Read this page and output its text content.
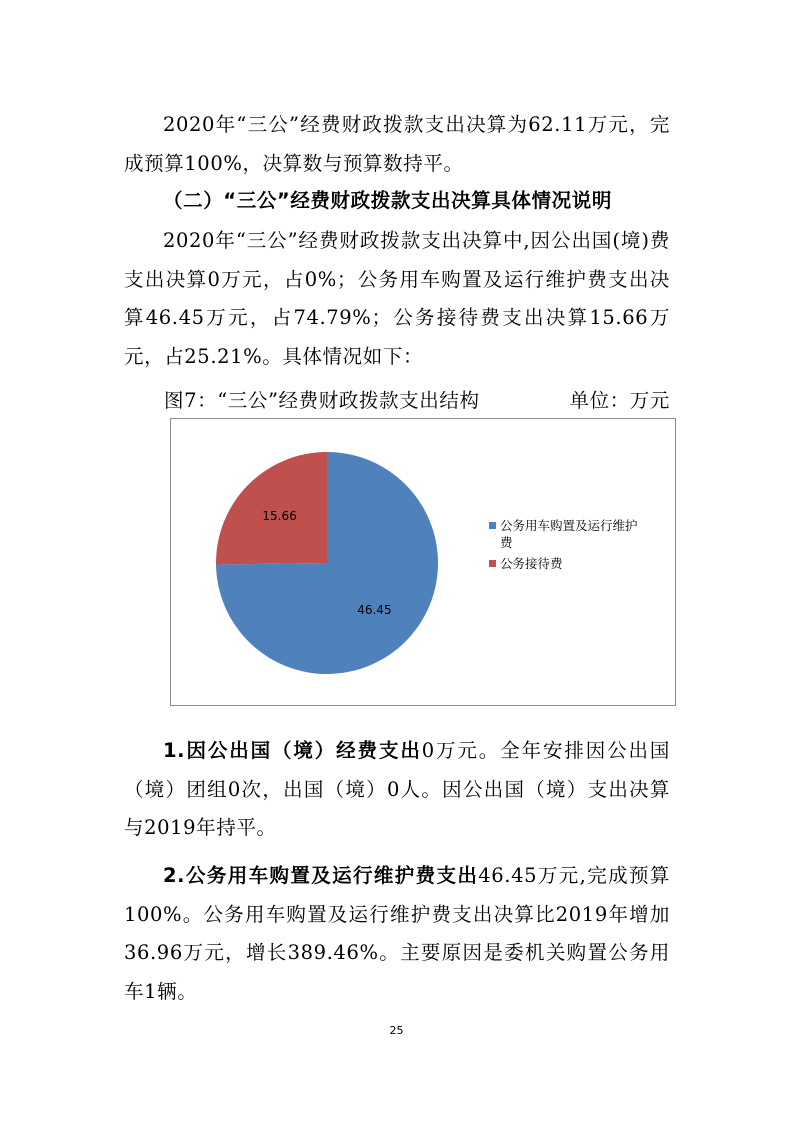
2020年“三公”经费财政拨款支出决算为62.11万元，完成预算100%，决算数与预算数持平。

（二）“三公”经费财政拨款支出决算具体情况说明

2020年“三公”经费财政拨款支出决算中,因公出国(境)费支出决算0万元，占0%；公务用车购置及运行维护费支出决算46.45万元，占74.79%；公务接待费支出决算15.66万元，占25.21%。具体情况如下：

图7：“三公”经费财政拨款支出结构	单位：万元
46.45
15.66
公务用车购置及运行维护费
公务接待费

1.因公出国（境）经费支出0万元。全年安排因公出国（境）团组0次，出国（境）0人。因公出国（境）支出决算与2019年持平。

2.公务用车购置及运行维护费支出46.45万元,完成预算100%。公务用车购置及运行维护费支出决算比2019年增加36.96万元，增长389.46%。主要原因是委机关购置公务用车1辆。

25
